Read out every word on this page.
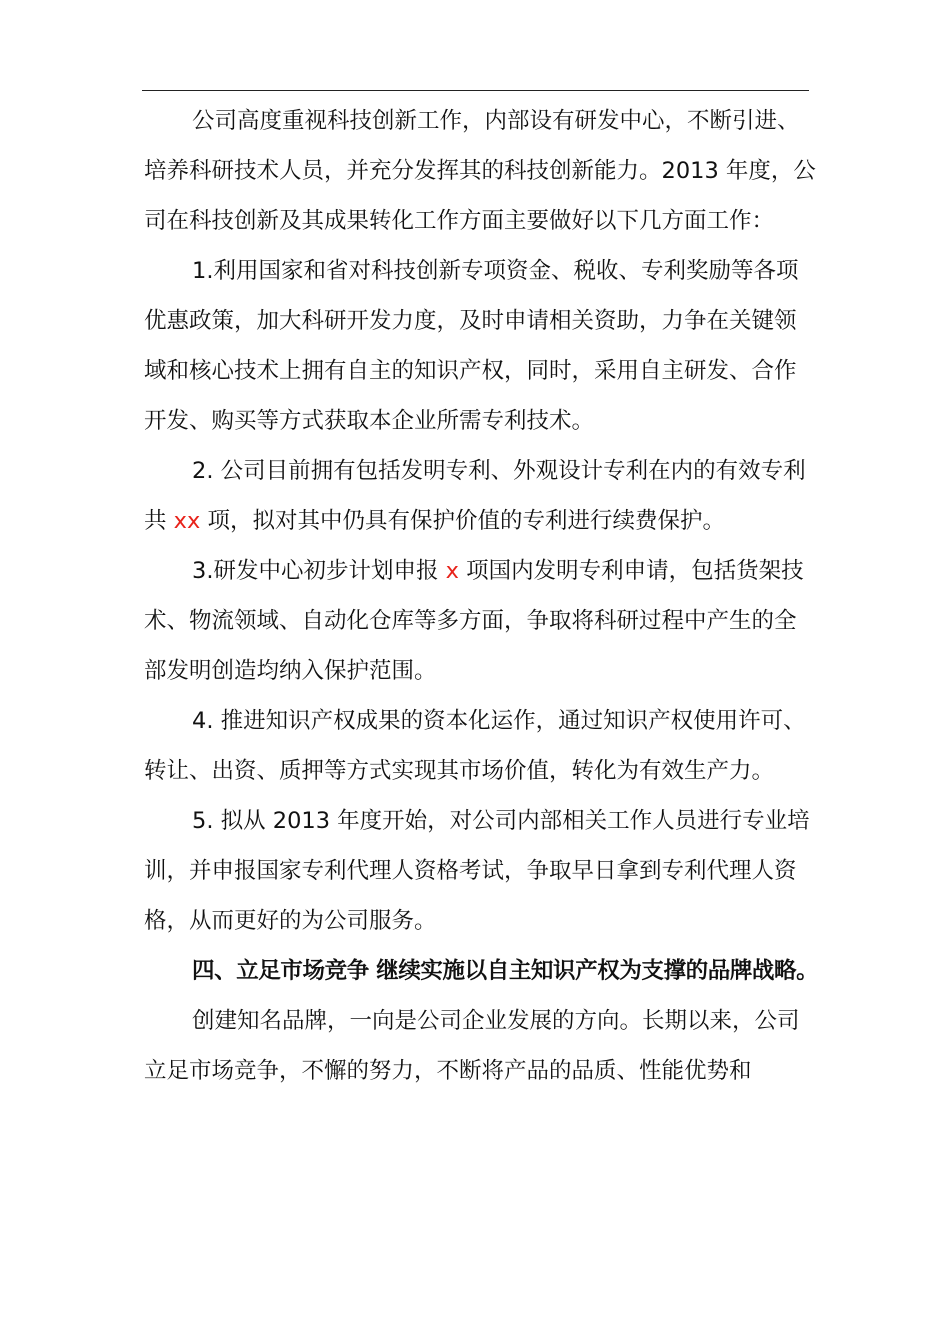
公司高度重视科技创新工作，内部设有研发中心，不断引进、培养科研技术人员，并充分发挥其的科技创新能力。2013 年度，公司在科技创新及其成果转化工作方面主要做好以下几方面工作：

1.利用国家和省对科技创新专项资金、税收、专利奖励等各项优惠政策，加大科研开发力度，及时申请相关资助，力争在关键领域和核心技术上拥有自主的知识产权，同时，采用自主研发、合作开发、购买等方式获取本企业所需专利技术。

2. 公司目前拥有包括发明专利、外观设计专利在内的有效专利共 xx 项，拟对其中仍具有保护价值的专利进行续费保护。

3.研发中心初步计划申报 x 项国内发明专利申请，包括货架技术、物流领域、自动化仓库等多方面，争取将科研过程中产生的全部发明创造均纳入保护范围。

4. 推进知识产权成果的资本化运作，通过知识产权使用许可、转让、出资、质押等方式实现其市场价值，转化为有效生产力。

5. 拟从 2013 年度开始，对公司内部相关工作人员进行专业培训，并申报国家专利代理人资格考试，争取早日拿到专利代理人资格，从而更好的为公司服务。

四、立足市场竞争 继续实施以自主知识产权为支撑的品牌战略。

创建知名品牌，一向是公司企业发展的方向。长期以来，公司立足市场竞争，不懈的努力，不断将产品的品质、性能优势和
